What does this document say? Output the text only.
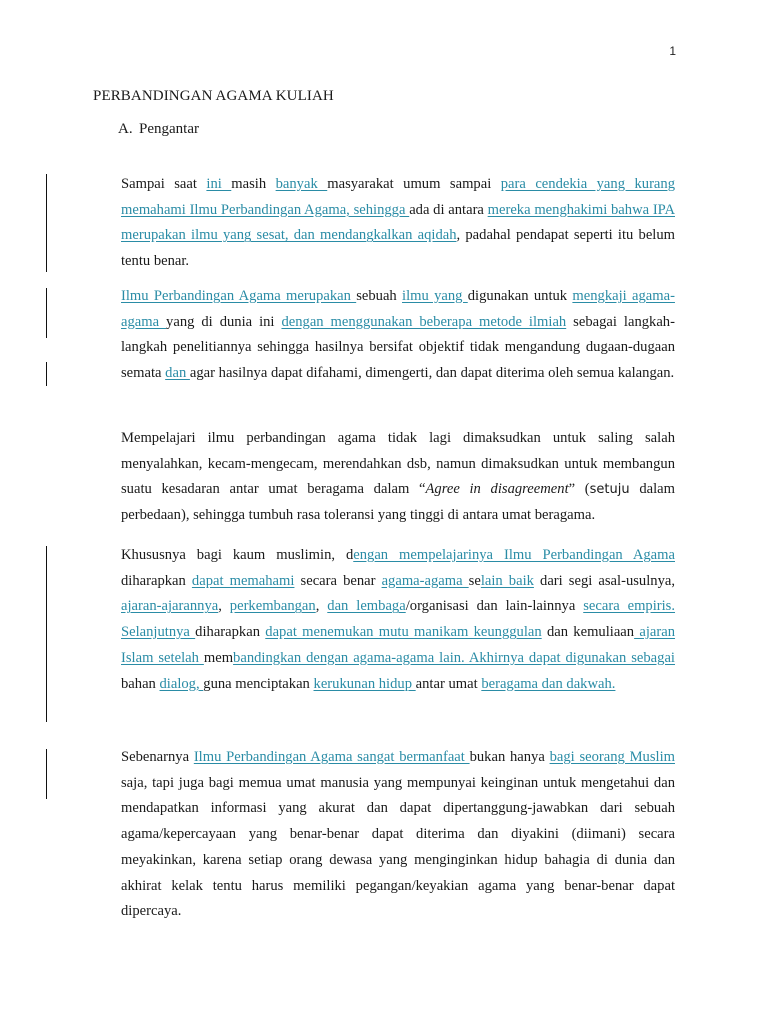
1
PERBANDINGAN AGAMA KULIAH
A. Pengantar

Sampai saat ini masih banyak masyarakat umum sampai para cendekia yang kurang memahami Ilmu Perbandingan Agama, sehingga ada di antara mereka menghakimi bahwa IPA merupakan ilmu yang sesat, dan mendangkalkan aqidah, padahal pendapat seperti itu belum tentu benar.

Ilmu Perbandingan Agama merupakan sebuah ilmu yang digunakan untuk mengkaji agama-agama yang di dunia ini dengan menggunakan beberapa metode ilmiah sebagai langkah-langkah penelitiannya sehingga hasilnya bersifat objektif tidak mengandung dugaan-dugaan semata dan agar hasilnya dapat difahami, dimengerti, dan dapat diterima oleh semua kalangan.

Mempelajari ilmu perbandingan agama tidak lagi dimaksudkan untuk saling salah menyalahkan, kecam-mengecam, merendahkan dsb, namun dimaksudkan untuk membangun suatu kesadaran antar umat beragama dalam “Agree in disagreement” (setuju dalam perbedaan), sehingga tumbuh rasa toleransi yang tinggi di antara umat beragama.

Khususnya bagi kaum muslimin, dengan mempelajarinya Ilmu Perbandingan Agama diharapkan dapat memahami secara benar agama-agama selain baik dari segi asal-usulnya, ajaran-ajarannya, perkembangan, dan lembaga/organisasi dan lain-lainnya secara empiris. Selanjutnya diharapkan dapat menemukan mutu manikam keunggulan dan kemuliaan ajaran Islam setelah membandingkan dengan agama-agama lain. Akhirnya dapat digunakan sebagai bahan dialog, guna menciptakan kerukunan hidup antar umat beragama dan dakwah.

Sebenarnya Ilmu Perbandingan Agama sangat bermanfaat bukan hanya bagi seorang Muslim saja, tapi juga bagi memua umat manusia yang mempunyai keinginan untuk mengetahui dan mendapatkan informasi yang akurat dan dapat dipertanggung-jawabkan dari sebuah agama/kepercayaan yang benar-benar dapat diterima dan diyakini (diimani) secara meyakinkan, karena setiap orang dewasa yang menginginkan hidup bahagia di dunia dan akhirat kelak tentu harus memiliki pegangan/keyakian agama yang benar-benar dapat dipercaya.
